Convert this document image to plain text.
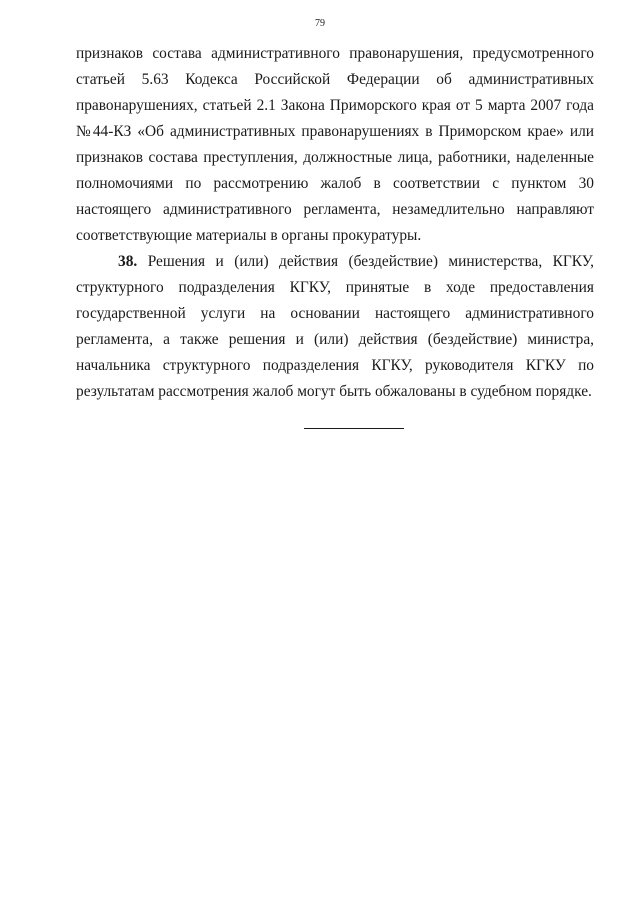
79

признаков состава административного правонарушения, предусмотренного статьей 5.63 Кодекса Российской Федерации об административных правонарушениях, статьей 2.1 Закона Приморского края от 5 марта 2007 года №44-КЗ «Об административных правонарушениях в Приморском крае» или признаков состава преступления, должностные лица, работники, наделенные полномочиями по рассмотрению жалоб в соответствии с пунктом 30 настоящего административного регламента, незамедлительно направляют соответствующие материалы в органы прокуратуры.

38. Решения и (или) действия (бездействие) министерства, КГКУ, структурного подразделения КГКУ, принятые в ходе предоставления государственной услуги на основании настоящего административного регламента, а также решения и (или) действия (бездействие) министра, начальника структурного подразделения КГКУ, руководителя КГКУ по результатам рассмотрения жалоб могут быть обжалованы в судебном порядке.
